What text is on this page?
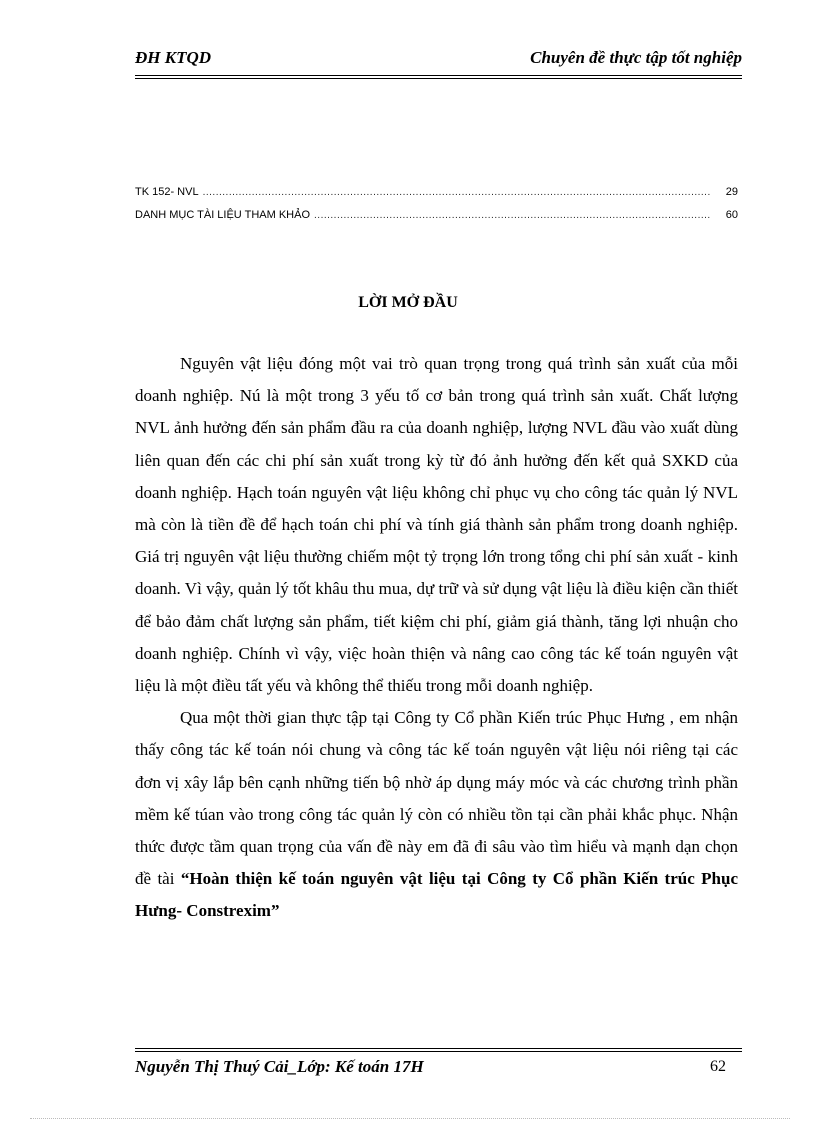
ĐH KTQD	Chuyên đề thực tập tốt nghiệp
TK 152- NVL .....	29
DANH MỤC TÀI LIỆU THAM KHẢO .....	60
LỜI MỞ ĐẦU

Nguyên vật liệu đóng một vai trò quan trọng trong quá trình sản xuất của mỗi doanh nghiệp. Nú là một trong 3 yếu tố cơ bản trong quá trình sản xuất. Chất lượng NVL ảnh hưởng đến sản phẩm đầu ra của doanh nghiệp, lượng NVL đầu vào xuất dùng liên quan đến các chi phí sản xuất trong kỳ từ đó ảnh hưởng đến kết quả SXKD của doanh nghiệp. Hạch toán nguyên vật liệu không chỉ phục vụ cho công tác quản lý NVL mà còn là tiền đề để hạch toán chi phí và tính giá thành sản phẩm trong doanh nghiệp. Giá trị nguyên vật liệu thường chiếm một tỷ trọng lớn trong tổng chi phí sản xuất - kinh doanh. Vì vậy, quản lý tốt khâu thu mua, dự trữ và sử dụng vật liệu là điều kiện cần thiết để bảo đảm chất lượng sản phẩm, tiết kiệm chi phí, giảm giá thành, tăng lợi nhuận cho doanh nghiệp. Chính vì vậy, việc hoàn thiện và nâng cao công tác kế toán nguyên vật liệu là một điều tất yếu và không thể thiếu trong mỗi doanh nghiệp.

Qua một thời gian thực tập tại Công ty Cổ phần Kiến trúc Phục Hưng , em nhận thấy công tác kế toán nói chung và công tác kế toán nguyên vật liệu nói riêng tại các đơn vị xây lắp bên cạnh những tiến bộ nhờ áp dụng máy móc và các chương trình phần mềm kế túan vào trong công tác quản lý còn có nhiều tồn tại cần phải khắc phục. Nhận thức được tầm quan trọng của vấn đề này em đã đi sâu vào tìm hiểu và mạnh dạn chọn đề tài “Hoàn thiện kế toán nguyên vật liệu tại Công ty Cổ phần Kiến trúc Phục Hưng- Constrexim”

Nguyễn Thị Thuý Cải_Lớp: Kế toán 17H	62
